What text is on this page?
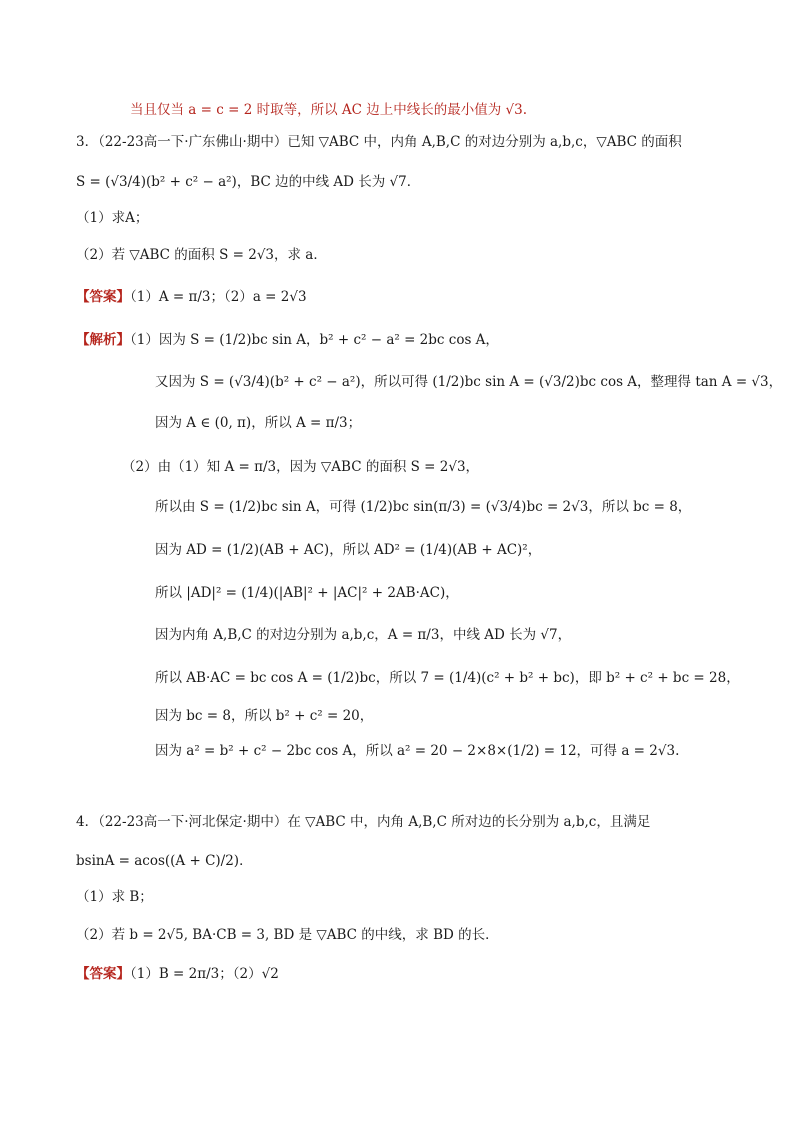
当且仅当 a = c = 2 时取等，所以 AC 边上中线长的最小值为 √3.
3．（22-23高一下·广东佛山·期中）已知 ▽ABC 中，内角 A,B,C 的对边分别为 a,b,c，▽ABC 的面积
S = (√3/4)(b² + c² − a²)，BC 边的中线 AD 长为 √7．
（1）求A；
（2）若 ▽ABC 的面积 S = 2√3，求 a．
【答案】（1）A = π/3；（2）a = 2√3
【解析】（1）因为 S = (1/2)bc sin A，b² + c² − a² = 2bc cos A，
又因为 S = (√3/4)(b² + c² − a²)，所以可得 (1/2)bc sin A = (√3/2)bc cos A，整理得 tan A = √3，
因为 A ∈ (0, π)，所以 A = π/3；
（2）由（1）知 A = π/3，因为 ▽ABC 的面积 S = 2√3，
所以由 S = (1/2)bc sin A，可得 (1/2)bc sin(π/3) = (√3/4)bc = 2√3，所以 bc = 8，
因为 AD = (1/2)(AB + AC)，所以 AD² = (1/4)(AB + AC)²，
所以 |AD|² = (1/4)(|AB|² + |AC|² + 2AB·AC)，
因为内角 A,B,C 的对边分别为 a,b,c，A = π/3，中线 AD 长为 √7，
所以 AB·AC = bc cos A = (1/2)bc，所以 7 = (1/4)(c² + b² + bc)，即 b² + c² + bc = 28，
因为 bc = 8，所以 b² + c² = 20，
因为 a² = b² + c² − 2bc cos A，所以 a² = 20 − 2×8×(1/2) = 12，可得 a = 2√3.
4．（22-23高一下·河北保定·期中）在 ▽ABC 中，内角 A,B,C 所对边的长分别为 a,b,c，且满足
bsinA = acos((A + C)/2)．
（1）求 B；
（2）若 b = 2√5, BA·CB = 3, BD 是 ▽ABC 的中线，求 BD 的长．
【答案】（1）B = 2π/3；（2）√2
